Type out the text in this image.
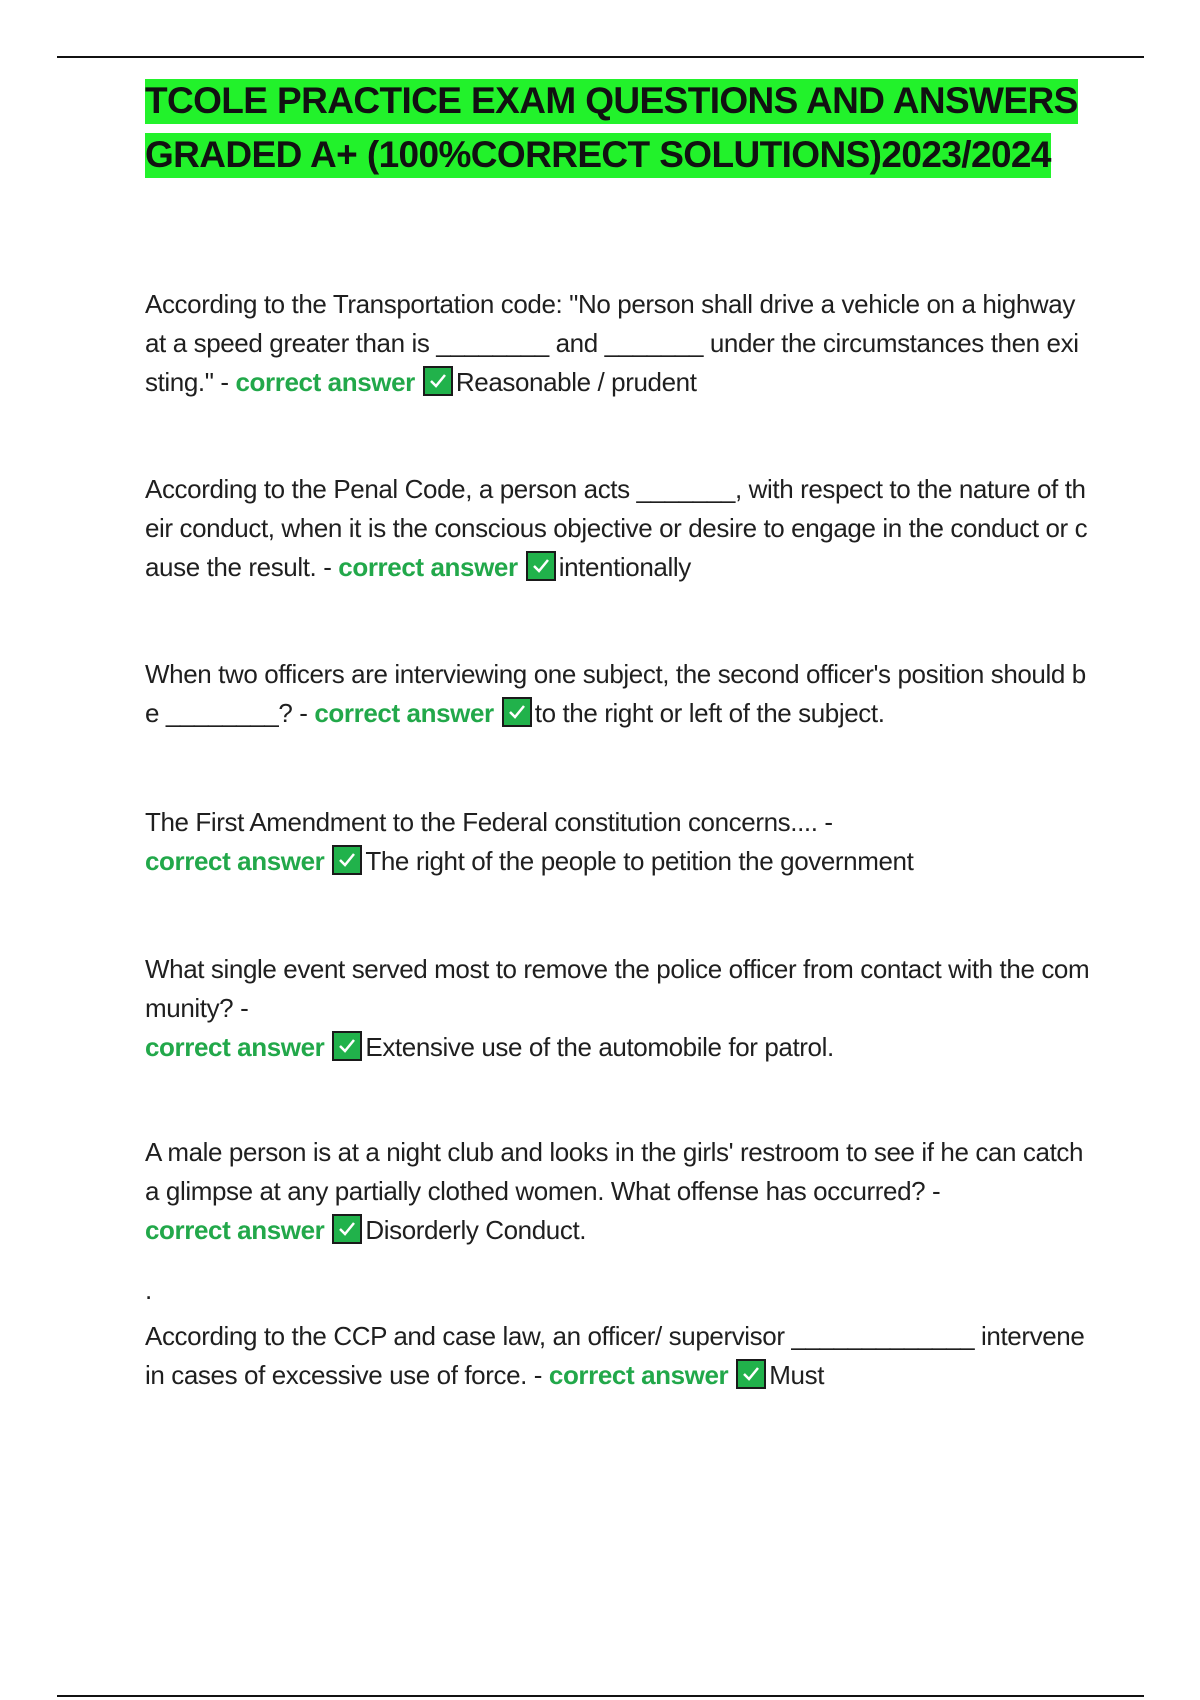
TCOLE PRACTICE EXAM QUESTIONS AND ANSWERS GRADED A+ (100%CORRECT SOLUTIONS)2023/2024
According to the Transportation code: "No person shall drive a vehicle on a highway at a speed greater than is ________ and _______ under the circumstances then existing." - correct answer Reasonable / prudent
According to the Penal Code, a person acts _______, with respect to the nature of their conduct, when it is the conscious objective or desire to engage in the conduct or cause the result. - correct answer intentionally
When two officers are interviewing one subject, the second officer's position should be ________? - correct answer to the right or left of the subject.
The First Amendment to the Federal constitution concerns.... -
correct answer The right of the people to petition the government
What single event served most to remove the police officer from contact with the community? -
correct answer Extensive use of the automobile for patrol.
A male person is at a night club and looks in the girls' restroom to see if he can catch a glimpse at any partially clothed women. What offense has occurred? -
correct answer Disorderly Conduct.
.
According to the CCP and case law, an officer/ supervisor _____________ intervene in cases of excessive use of force. - correct answer Must
